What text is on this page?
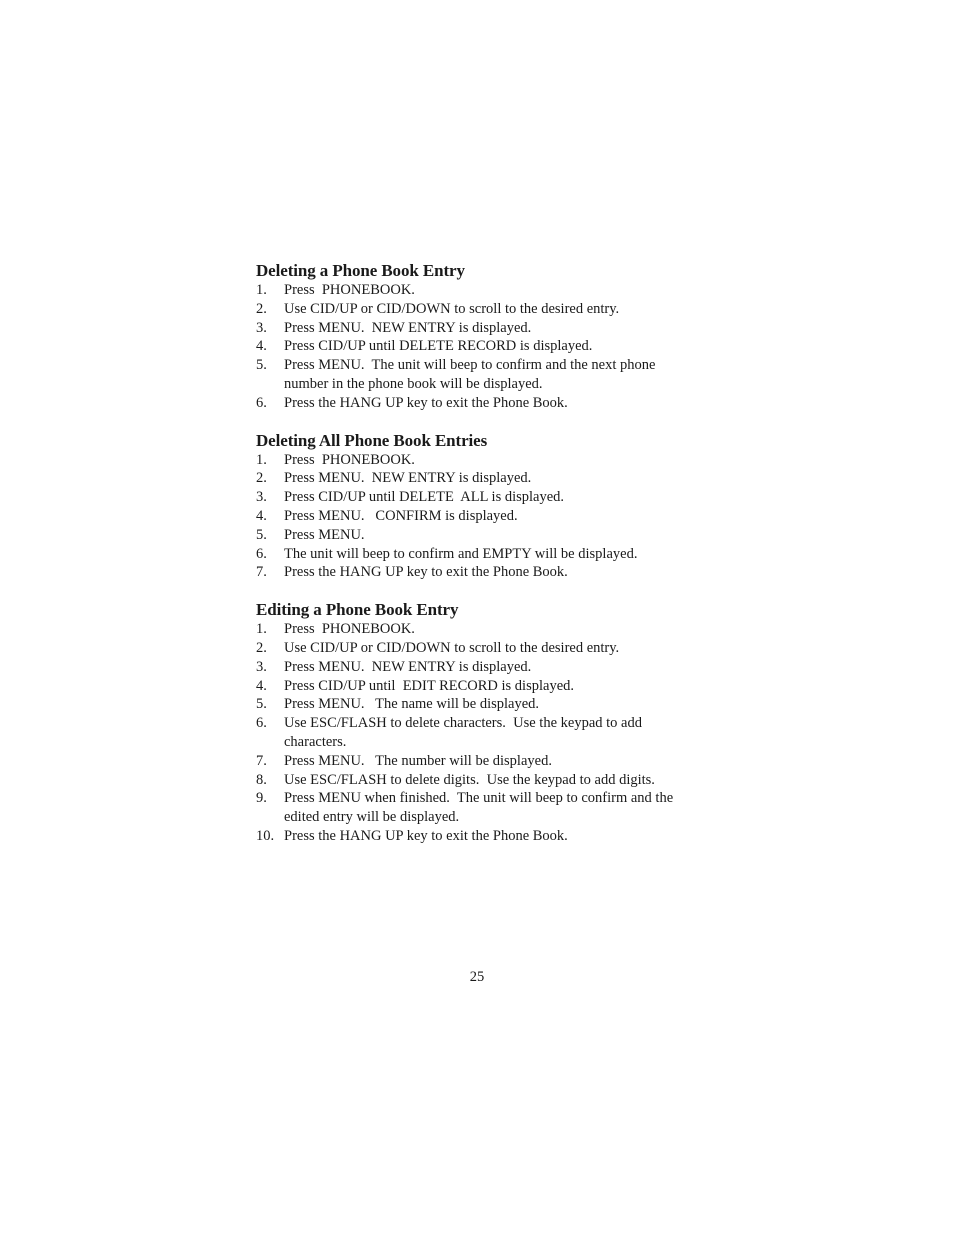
Deleting a Phone Book Entry
1.	Press  PHONEBOOK.
2.	Use CID/UP or CID/DOWN to scroll to the desired entry.
3.	Press MENU.  NEW ENTRY is displayed.
4.	Press CID/UP until DELETE RECORD is displayed.
5.	Press MENU.  The unit will beep to confirm and the next phone
number in the phone book will be displayed.
6.	Press the HANG UP key to exit the Phone Book.
Deleting All Phone Book Entries
1.	Press  PHONEBOOK.
2.	Press MENU.  NEW ENTRY is displayed.
3.	Press CID/UP until DELETE  ALL is displayed.
4.	Press MENU.   CONFIRM is displayed.
5.	Press MENU.
6.	The unit will beep to confirm and EMPTY will be displayed.
7.	Press the HANG UP key to exit the Phone Book.
Editing a Phone Book Entry
1.	Press  PHONEBOOK.
2.	Use CID/UP or CID/DOWN to scroll to the desired entry.
3.	Press MENU.  NEW ENTRY is displayed.
4.	Press CID/UP until  EDIT RECORD is displayed.
5.	Press MENU.   The name will be displayed.
6.	Use ESC/FLASH to delete characters.  Use the keypad to add
characters.
7.	Press MENU.   The number will be displayed.
8.	Use ESC/FLASH to delete digits.  Use the keypad to add digits.
9.	Press MENU when finished.  The unit will beep to confirm and the
edited entry will be displayed.
10. Press the HANG UP key to exit the Phone Book.
25
